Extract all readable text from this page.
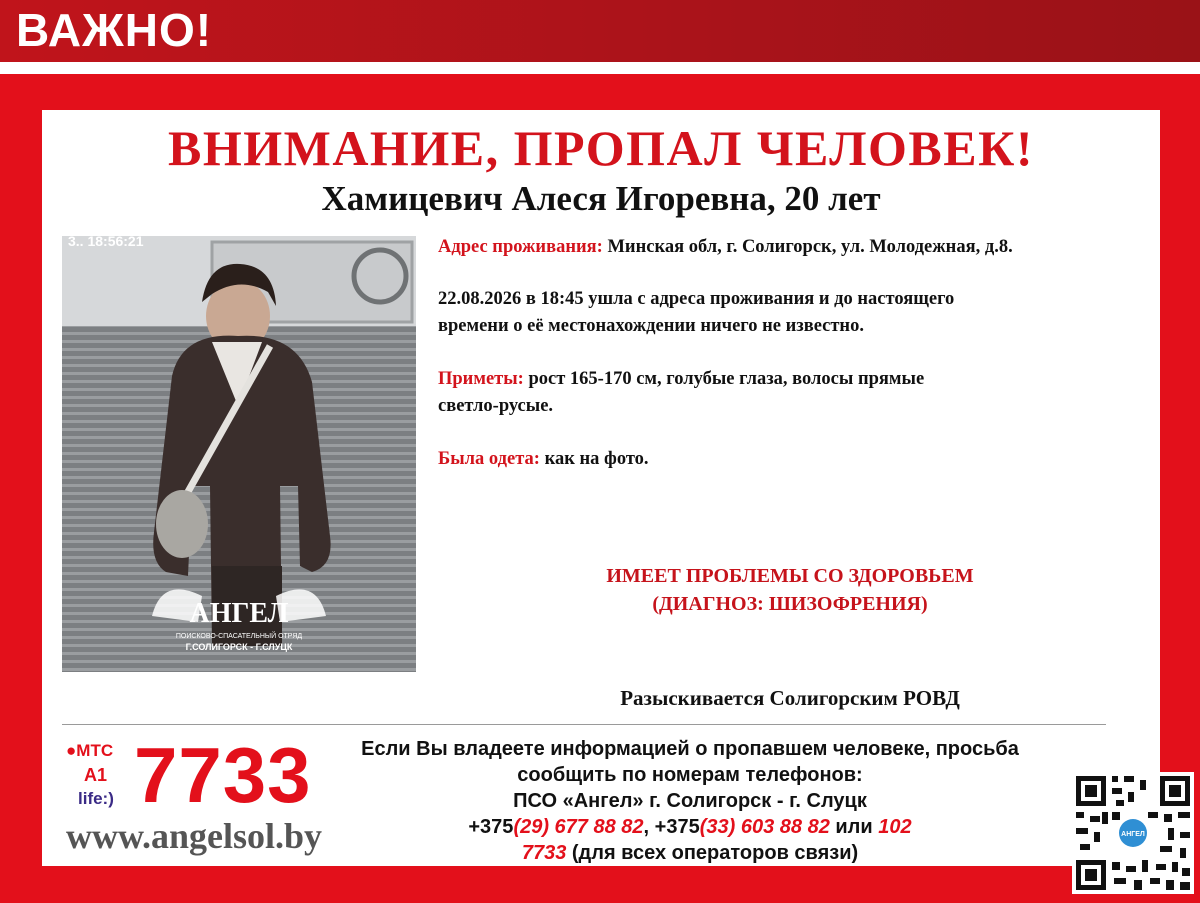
ВАЖНО!
ВНИМАНИЕ, ПРОПАЛ ЧЕЛОВЕК!
Хамицевич Алеся Игоревна, 20 лет
АНГЕЛ
ПОИСКОВО-СПАСАТЕЛЬНЫЙ ОТРЯД
Г.СОЛИГОРСК - Г.СЛУЦК
3.. 18:56:21	Адрес проживания: Минская обл, г. Солигорск, ул. Молодежная, д.8.
22.08.2026 в 18:45 ушла с адреса проживания и до настоящего
времени о её местонахождении ничего не известно.
Приметы: рост 165-170 см, голубые глаза, волосы прямые
светло-русые.
Была одета: как на фото.
ИМЕЕТ ПРОБЛЕМЫ СО ЗДОРОВЬЕМ
(ДИАГНОЗ: ШИЗОФРЕНИЯ)
Разыскивается Солигорским РОВД
●МТС
A1
life:) 7733
www.angelsol.by
Если Вы владеете информацией о пропавшем человеке, просьба
сообщить по номерам телефонов:
ПСО «Ангел» г. Солигорск - г. Слуцк
+375(29) 677 88 82, +375(33) 603 88 82 или 102
7733 (для всех операторов связи)
АНГЕЛ
